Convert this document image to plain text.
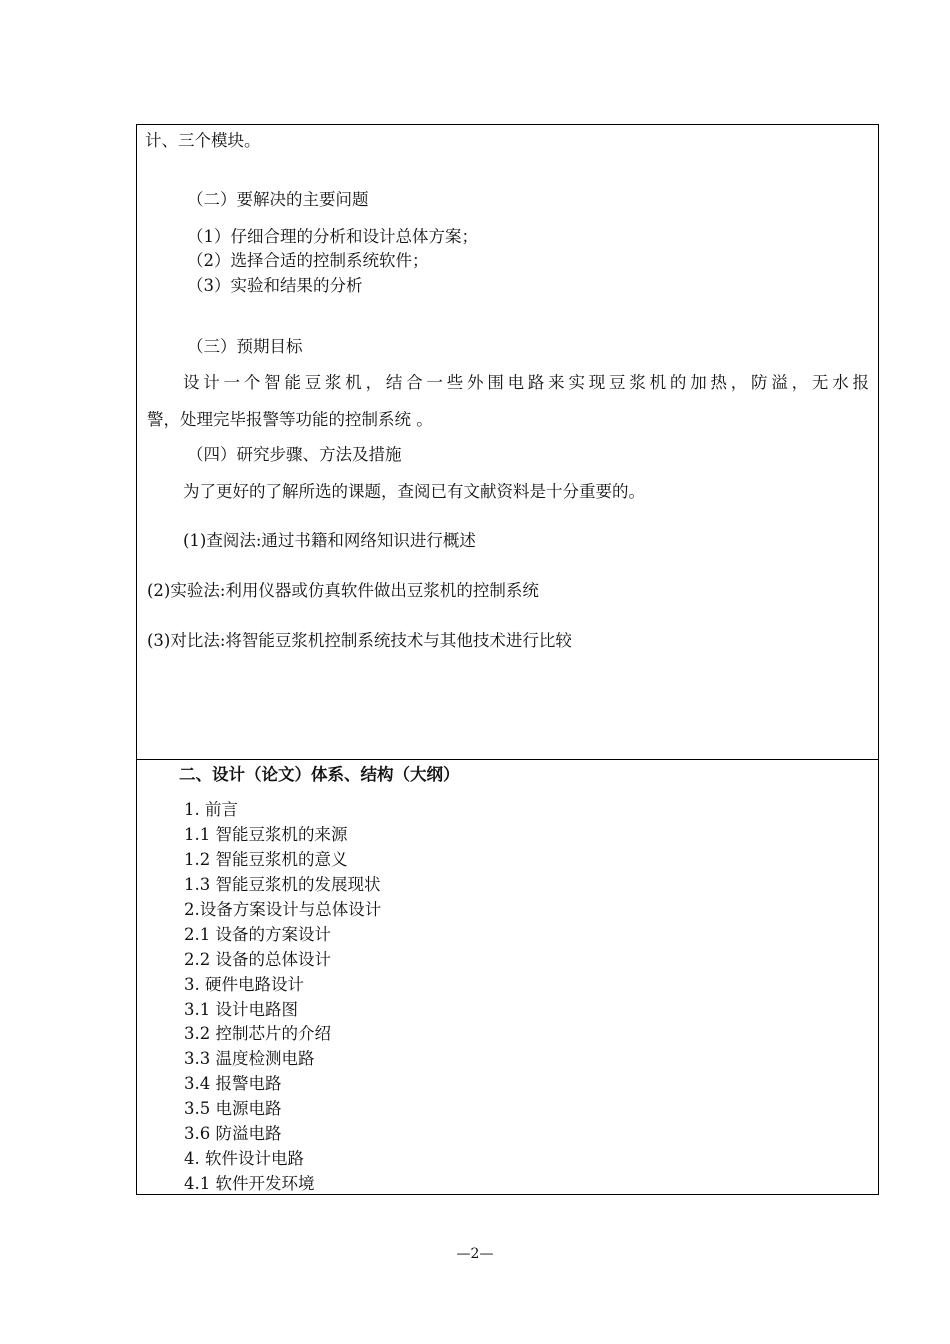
计、三个模块。
（二）要解决的主要问题
（1）仔细合理的分析和设计总体方案；
（2）选择合适的控制系统软件；
（3）实验和结果的分析
（三）预期目标
设计一个智能豆浆机，结合一些外围电路来实现豆浆机的加热，防溢，无水报
警，处理完毕报警等功能的控制系统 。
（四）研究步骤、方法及措施
为了更好的了解所选的课题，查阅已有文献资料是十分重要的。
(1)查阅法:通过书籍和网络知识进行概述
(2)实验法:利用仪器或仿真软件做出豆浆机的控制系统
(3)对比法:将智能豆浆机控制系统技术与其他技术进行比较
二、设计（论文）体系、结构（大纲）
1. 前言
1.1 智能豆浆机的来源
1.2 智能豆浆机的意义
1.3 智能豆浆机的发展现状
2.设备方案设计与总体设计
2.1 设备的方案设计
2.2 设备的总体设计
3. 硬件电路设计
3.1 设计电路图
3.2 控制芯片的介绍
3.3 温度检测电路
3.4 报警电路
3.5 电源电路
3.6 防溢电路
4. 软件设计电路
4.1 软件开发环境
—2—
